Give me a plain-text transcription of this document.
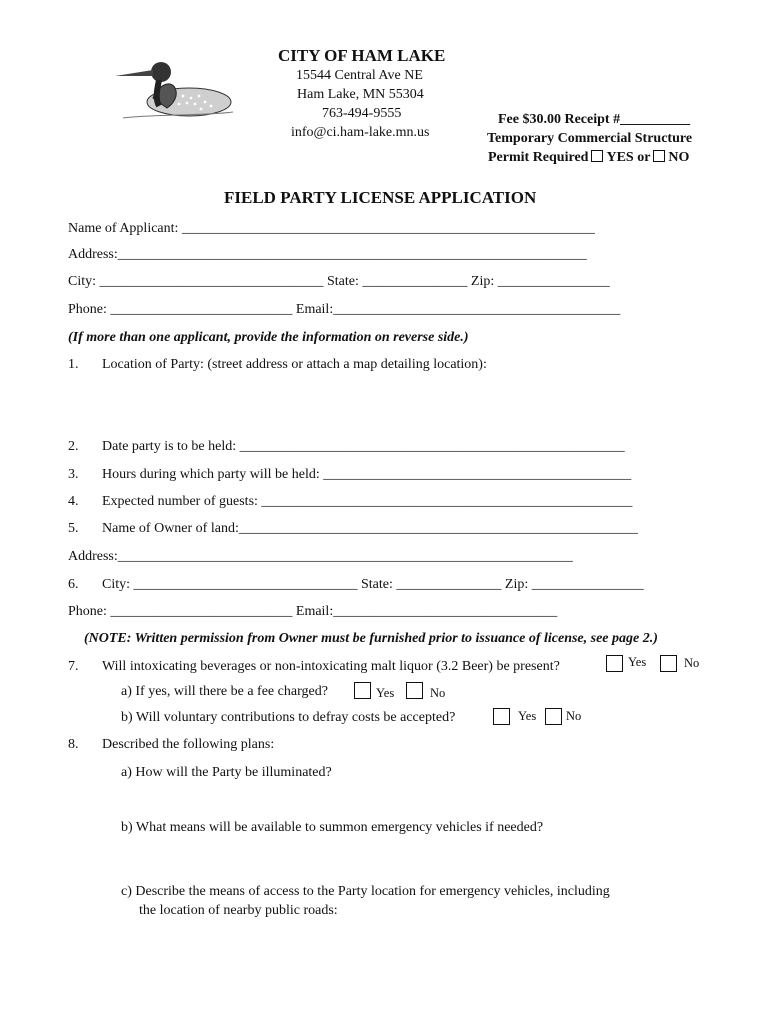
CITY OF HAM LAKE
15544 Central Ave NE
Ham Lake, MN 55304
763-494-9555
info@ci.ham-lake.mn.us
Fee $30.00 Receipt #__________
Temporary Commercial Structure
Permit Required YES or NO
FIELD PARTY LICENSE APPLICATION
Name of Applicant: ___________________________________________________________
Address:___________________________________________________________________
City: ________________________________ State: _______________ Zip: ________________
Phone: __________________________ Email:_________________________________________
(If more than one applicant, provide the information on reverse side.)
1. Location of Party: (street address or attach a map detailing location):
2. Date party is to be held: _______________________________________________________
3. Hours during which party will be held: ____________________________________________
4. Expected number of guests: _____________________________________________________
5. Name of Owner of land:_________________________________________________________
Address:_________________________________________________________________
6. City: ________________________________ State: _______________ Zip: ________________
Phone: __________________________ Email:________________________________
(NOTE: Written permission from Owner must be furnished prior to issuance of license, see page 2.)
7. Will intoxicating beverages or non-intoxicating malt liquor (3.2 Beer) be present?	Yes	No
a) If yes, will there be a fee charged?	Yes	No
b) Will voluntary contributions to defray costs be accepted?	Yes No
8. Described the following plans:
a) How will the Party be illuminated?
b) What means will be available to summon emergency vehicles if needed?
c) Describe the means of access to the Party location for emergency vehicles, including
the location of nearby public roads:
